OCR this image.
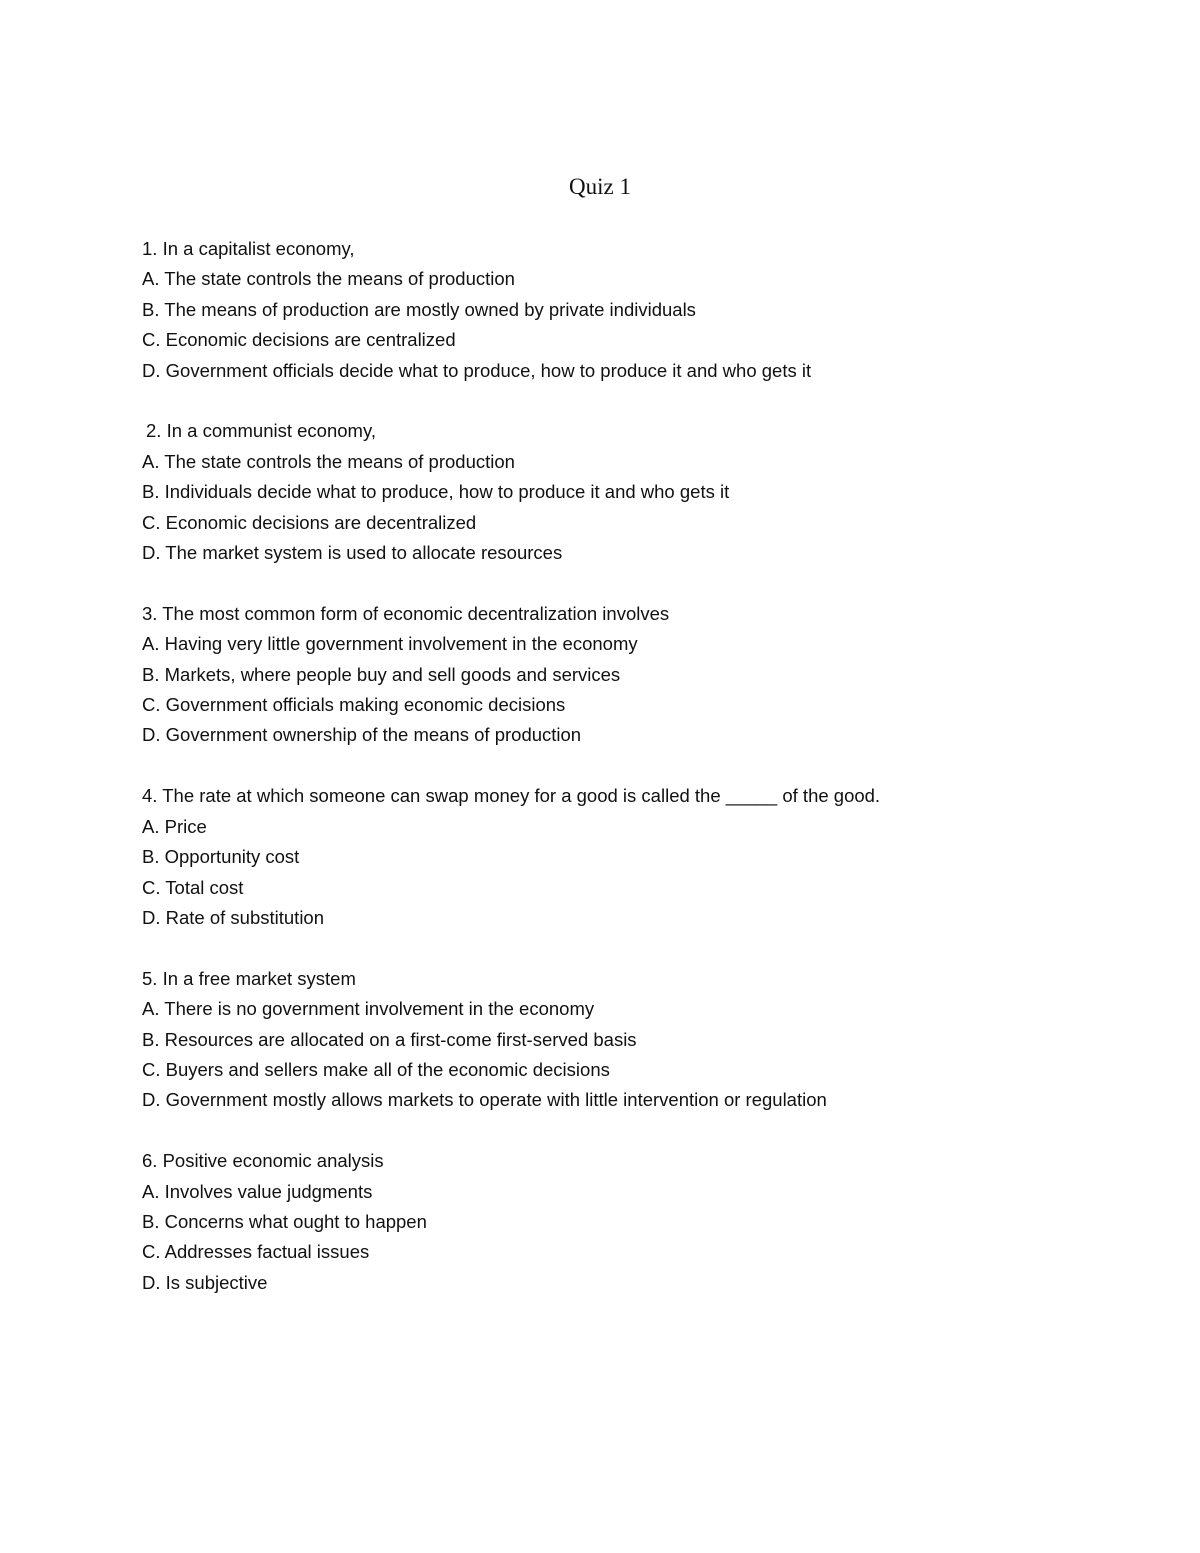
Quiz 1
1. In a capitalist economy,
A. The state controls the means of production
B. The means of production are mostly owned by private individuals
C. Economic decisions are centralized
D. Government officials decide what to produce, how to produce it and who gets it
2. In a communist economy,
A. The state controls the means of production
B. Individuals decide what to produce, how to produce it and who gets it
C. Economic decisions are decentralized
D. The market system is used to allocate resources
3. The most common form of economic decentralization involves
A. Having very little government involvement in the economy
B. Markets, where people buy and sell goods and services
C. Government officials making economic decisions
D. Government ownership of the means of production
4. The rate at which someone can swap money for a good is called the _____ of the good.
A. Price
B. Opportunity cost
C. Total cost
D. Rate of substitution
5. In a free market system
A. There is no government involvement in the economy
B. Resources are allocated on a first-come first-served basis
C. Buyers and sellers make all of the economic decisions
D. Government mostly allows markets to operate with little intervention or regulation
6. Positive economic analysis
A. Involves value judgments
B. Concerns what ought to happen
C. Addresses factual issues
D. Is subjective
